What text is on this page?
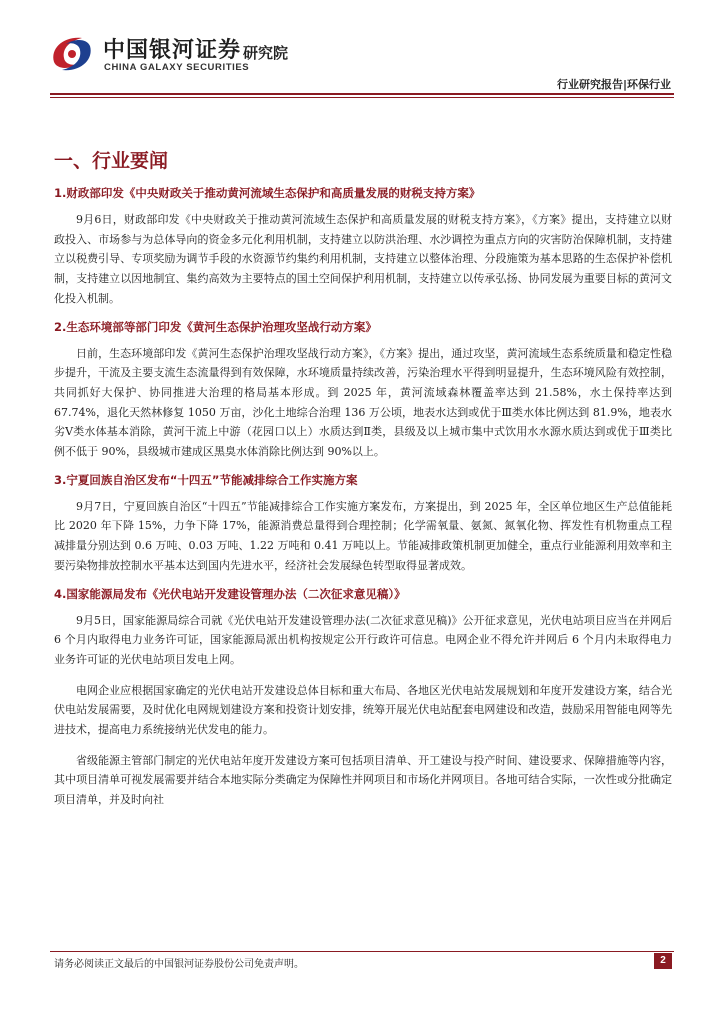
中国银河证券
CHINA GALAXY SECURITIES
研究院
行业研究报告|环保行业
一、行业要闻
1.财政部印发《中央财政关于推动黄河流域生态保护和高质量发展的财税支持方案》
9月6日，财政部印发《中央财政关于推动黄河流域生态保护和高质量发展的财税支持方案》，《方案》提出，支持建立以财政投入、市场参与为总体导向的资金多元化利用机制，支持建立以防洪治理、水沙调控为重点方向的灾害防治保障机制，支持建立以税费引导、专项奖励为调节手段的水资源节约集约利用机制，支持建立以整体治理、分段施策为基本思路的生态保护补偿机制，支持建立以因地制宜、集约高效为主要特点的国土空间保护利用机制，支持建立以传承弘扬、协同发展为重要目标的黄河文化投入机制。
2.生态环境部等部门印发《黄河生态保护治理攻坚战行动方案》
日前，生态环境部印发《黄河生态保护治理攻坚战行动方案》，《方案》提出，通过攻坚，黄河流域生态系统质量和稳定性稳步提升，干流及主要支流生态流量得到有效保障，水环境质量持续改善，污染治理水平得到明显提升，生态环境风险有效控制，共同抓好大保护、协同推进大治理的格局基本形成。到 2025 年，黄河流域森林覆盖率达到 21.58%，水土保持率达到 67.74%，退化天然林修复 1050 万亩，沙化土地综合治理 136 万公顷，地表水达到或优于Ⅲ类水体比例达到 81.9%，地表水劣Ⅴ类水体基本消除，黄河干流上中游（花园口以上）水质达到Ⅱ类，县级及以上城市集中式饮用水水源水质达到或优于Ⅲ类比例不低于 90%，县级城市建成区黑臭水体消除比例达到 90%以上。
3.宁夏回族自治区发布“十四五”节能减排综合工作实施方案
9月7日，宁夏回族自治区“十四五”节能减排综合工作实施方案发布，方案提出，到 2025 年，全区单位地区生产总值能耗比 2020 年下降 15%，力争下降 17%，能源消费总量得到合理控制；化学需氧量、氨氮、氮氧化物、挥发性有机物重点工程减排量分别达到 0.6 万吨、0.03 万吨、1.22 万吨和 0.41 万吨以上。节能减排政策机制更加健全，重点行业能源利用效率和主要污染物排放控制水平基本达到国内先进水平，经济社会发展绿色转型取得显著成效。
4.国家能源局发布《光伏电站开发建设管理办法（二次征求意见稿）》
9月5日，国家能源局综合司就《光伏电站开发建设管理办法(二次征求意见稿)》公开征求意见，光伏电站项目应当在并网后 6 个月内取得电力业务许可证，国家能源局派出机构按规定公开行政许可信息。电网企业不得允许并网后 6 个月内未取得电力业务许可证的光伏电站项目发电上网。
电网企业应根据国家确定的光伏电站开发建设总体目标和重大布局、各地区光伏电站发展规划和年度开发建设方案，结合光伏电站发展需要，及时优化电网规划建设方案和投资计划安排，统筹开展光伏电站配套电网建设和改造，鼓励采用智能电网等先进技术，提高电力系统接纳光伏发电的能力。
省级能源主管部门制定的光伏电站年度开发建设方案可包括项目清单、开工建设与投产时间、建设要求、保障措施等内容，其中项目清单可视发展需要并结合本地实际分类确定为保障性并网项目和市场化并网项目。各地可结合实际，一次性或分批确定项目清单，并及时向社
请务必阅读正文最后的中国银河证券股份公司免责声明。	2
